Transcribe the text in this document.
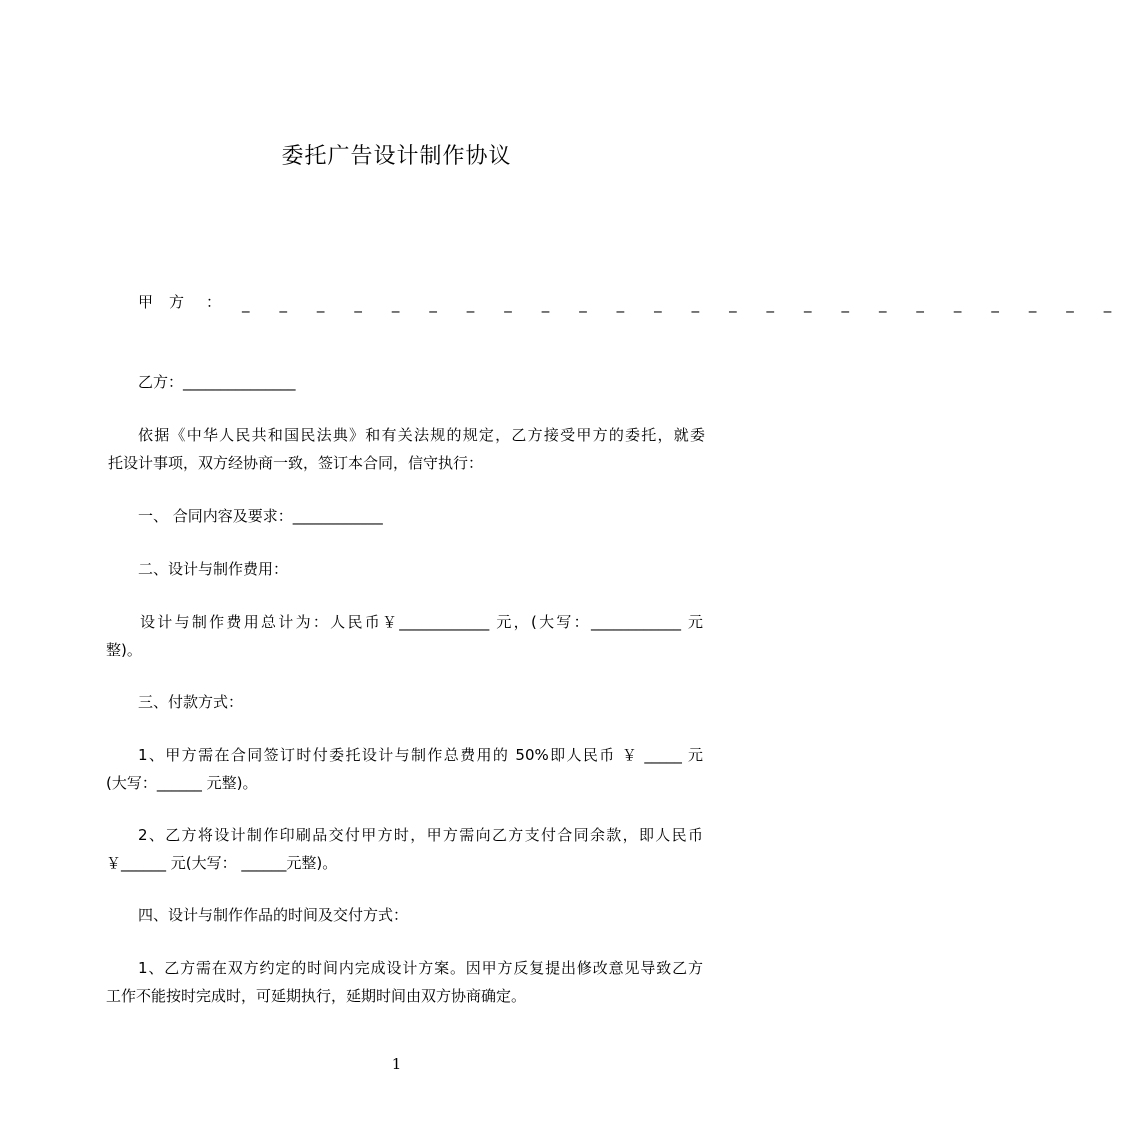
委托广告设计制作协议
甲方 ： _ _ _ _ _ _ _ _ _ _ _ _ _ _ _ _ _ _ _ _ _ _ _ _
乙方：_______________
依据《中华人民共和国民法典》和有关法规的规定，乙方接受甲方的委托，就委
托设计事项，双方经协商一致，签订本合同，信守执行：
一、 合同内容及要求：____________
二、设计与制作费用：
设计与制作费用总计为：人民币￥____________ 元，(大写：____________ 元
整)。
三、付款方式：
1、甲方需在合同签订时付委托设计与制作总费用的 50%即人民币 ￥ _____ 元
(大写：______ 元整)。
2、乙方将设计制作印刷品交付甲方时，甲方需向乙方支付合同余款，即人民币
￥______ 元(大写： ______元整)。
四、设计与制作作品的时间及交付方式：
1、乙方需在双方约定的时间内完成设计方案。因甲方反复提出修改意见导致乙方
工作不能按时完成时，可延期执行，延期时间由双方协商确定。
1
